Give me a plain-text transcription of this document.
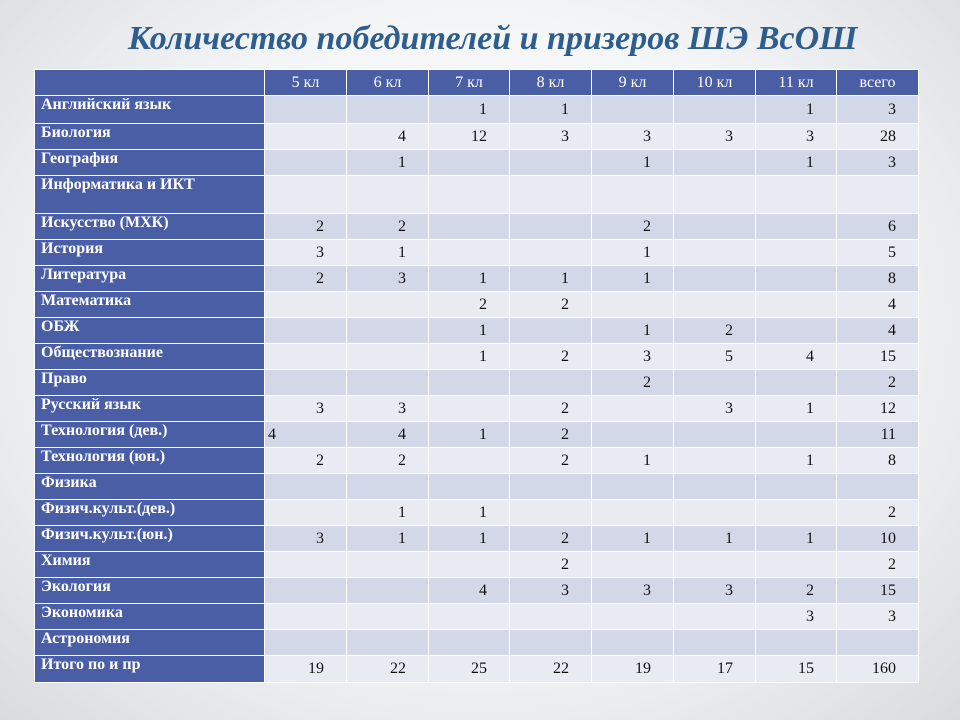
Количество победителей и призеров ШЭ ВсОШ
	5 кл	6 кл	7 кл	8 кл	9 кл	10 кл	11 кл	всего
Английский язык			1	1			1	3
Биология		4	12	3	3	3	3	28
География		1			1		1	3
Информатика и ИКТ								
Искусство (МХК)	2	2			2			6
История	3	1			1			5
Литература	2	3	1	1	1			8
Математика			2	2				4
ОБЖ			1		1	2		4
Обществознание			1	2	3	5	4	15
Право					2			2
Русский язык	3	3		2		3	1	12
Технология (дев.)	4	4	1	2				11
Технология (юн.)	2	2		2	1		1	8
Физика								
Физич.культ.(дев.)		1	1					2
Физич.культ.(юн.)	3	1	1	2	1	1	1	10
Химия				2				2
Экология			4	3	3	3	2	15
Экономика							3	3
Астрономия								
Итого по и пр	19	22	25	22	19	17	15	160
